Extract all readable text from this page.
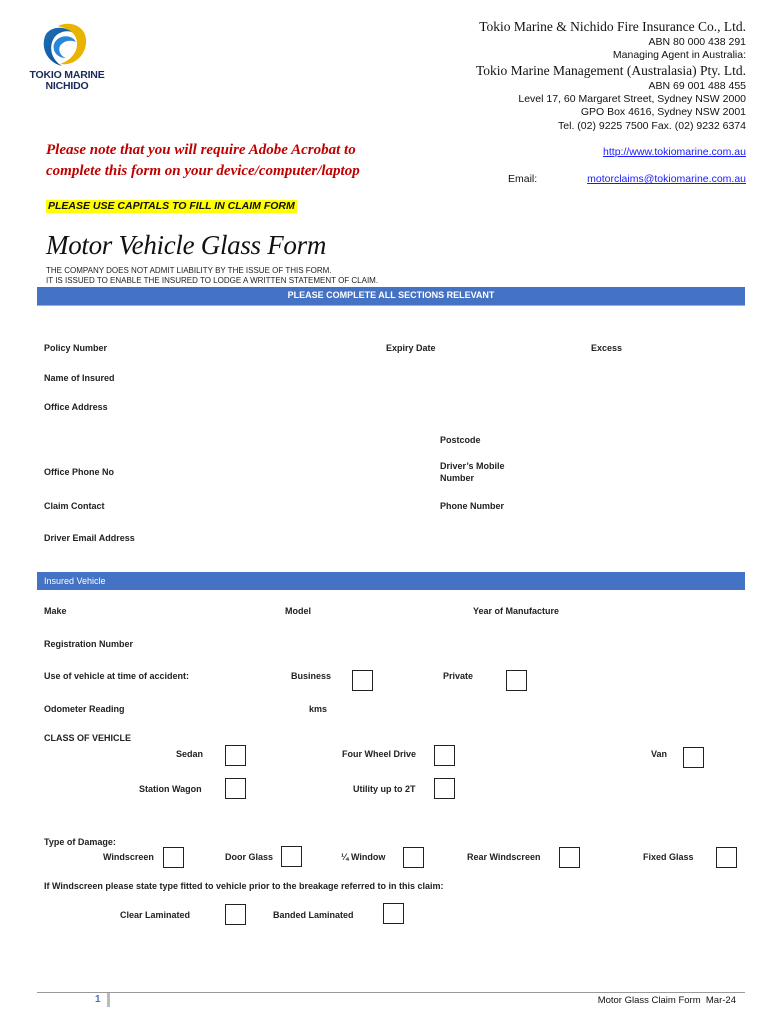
TOKIO MARINE
NICHIDO
Tokio Marine & Nichido Fire Insurance Co., Ltd.
ABN 80 000 438 291
Managing Agent in Australia:
Tokio Marine Management (Australasia) Pty. Ltd.
ABN 69 001 488 455
Level 17, 60 Margaret Street, Sydney NSW 2000
GPO Box 4616, Sydney NSW 2001
Tel. (02) 9225 7500 Fax. (02) 9232 6374
http://www.tokiomarine.com.au
Email:	motorclaims@tokiomarine.com.au
Please note that you will require Adobe Acrobat to
complete this form on your device/computer/laptop
PLEASE USE CAPITALS TO FILL IN CLAIM FORM
Motor Vehicle Glass Form
THE COMPANY DOES NOT ADMIT LIABILITY BY THE ISSUE OF THIS FORM.
IT IS ISSUED TO ENABLE THE INSURED TO LODGE A WRITTEN STATEMENT OF CLAIM.
PLEASE COMPLETE ALL SECTIONS RELEVANT
Policy Number	Expiry Date	Excess
Name of Insured
Office Address
Postcode
Office Phone No
Driver’s Mobile
Number
Claim Contact	Phone Number
Driver Email Address
Insured Vehicle
Make	Model	Year of Manufacture
Registration Number
Use of vehicle at time of accident:	Business	Private
Odometer Reading	kms
CLASS OF VEHICLE
Sedan	Four Wheel Drive	Van
Station Wagon	Utility up to 2T
Type of Damage:
Windscreen	Door Glass	¼ Window	Rear Windscreen	Fixed Glass
If Windscreen please state type fitted to vehicle prior to the breakage referred to in this claim:
Clear Laminated	Banded Laminated
1	Motor Glass Claim Form  Mar-24
